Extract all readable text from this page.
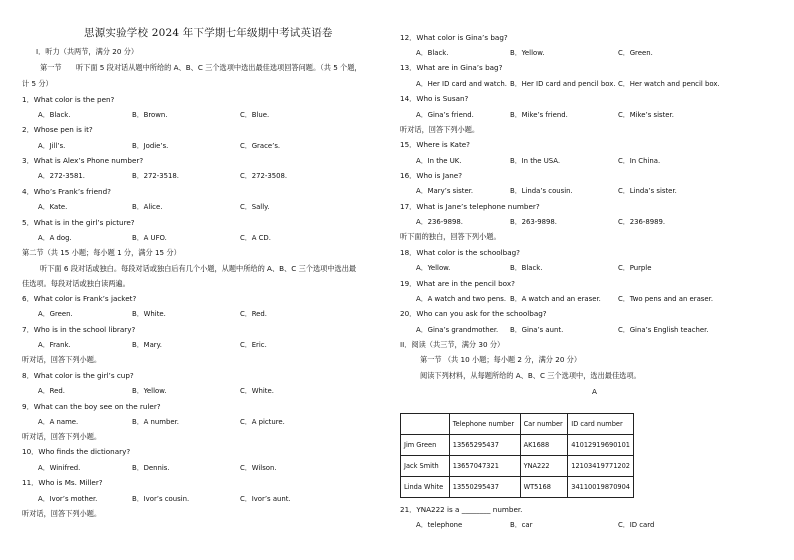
思源实验学校 2024 年下学期七年级期中考试英语卷
I．听力（共两节，满分 20 分）
第一节　　听下面 5 段对话从题中所给的 A、B、C 三个选项中选出最佳选项回答问题。（共 5 个题，
计 5 分）
1．What color is the pen?
A．Black.	B．Brown.	C．Blue.
2．Whose pen is it?
A．Jill’s.	B．Jodie’s.	C．Grace’s.
3．What is Alex’s Phone number?
A．272-3581.	B．272-3518.	C．272-3508.
4．Who’s Frank’s friend?
A．Kate.	B．Alice.	C．Sally.
5．What is in the girl’s picture?
A．A dog.	B．A UFO.	C．A CD.
第二节（共 15 小题；每小题 1 分，满分 15 分）
听下面 6 段对话或独白。每段对话或独白后有几个小题，从题中所给的 A、B、C 三个选项中选出最
佳选项。每段对话或独白读两遍。
6．What color is Frank’s jacket?
A．Green.	B．White.	C．Red.
7．Who is in the school library?
A．Frank.	B．Mary.	C．Eric.
听对话，回答下列小题。
8．What color is the girl’s cup?
A．Red.	B．Yellow.	C．White.
9．What can the boy see on the ruler?
A．A name.	B．A number.	C．A picture.
听对话，回答下列小题。
10．Who finds the dictionary?
A．Winifred.	B．Dennis.	C．Wilson.
11．Who is Ms. Miller?
A．Ivor’s mother.	B．Ivor’s cousin.	C．Ivor’s aunt.
听对话，回答下列小题。
12．What color is Gina’s bag?
A．Black.	B．Yellow.	C．Green.
13．What are in Gina’s bag?
A．Her ID card and watch. B．Her ID card and pencil box. C．Her watch and pencil box.
14．Who is Susan?
A．Gina’s friend.	B．Mike’s friend.	C．Mike’s sister.
听对话，回答下列小题。
15．Where is Kate?
A．In the UK.	B．In the USA.	C．In China.
16．Who is Jane?
A．Mary’s sister.	B．Linda’s cousin.	C．Linda’s sister.
17．What is Jane’s telephone number?
A．236-9898.	B．263-9898.	C．236-8989.
听下面的独白，回答下列小题。
18．What color is the schoolbag?
A．Yellow.	B．Black.	C．Purple
19．What are in the pencil box?
A．A watch and two pens. B．A watch and an eraser. C．Two pens and an eraser.
20．Who can you ask for the schoolbag?
A．Gina’s grandmother. B．Gina’s aunt.	C．Gina’s English teacher.
II．阅读（共三节，满分 30 分）
第一节 （共 10 小题；每小题 2 分，满分 20 分）
阅读下列材料，从每题所给的 A、B、C 三个选项中，选出最佳选项。
A
	Telephone number	Car number	ID card number
Jim Green	13565295437	AK1688	41012919690101
Jack Smith	13657047321	YNA222	12103419771202
Linda White	13550295437	WT5168	34110019870904
21．YNA222 is a ________ number.
A．telephone	B．car	C．ID card
